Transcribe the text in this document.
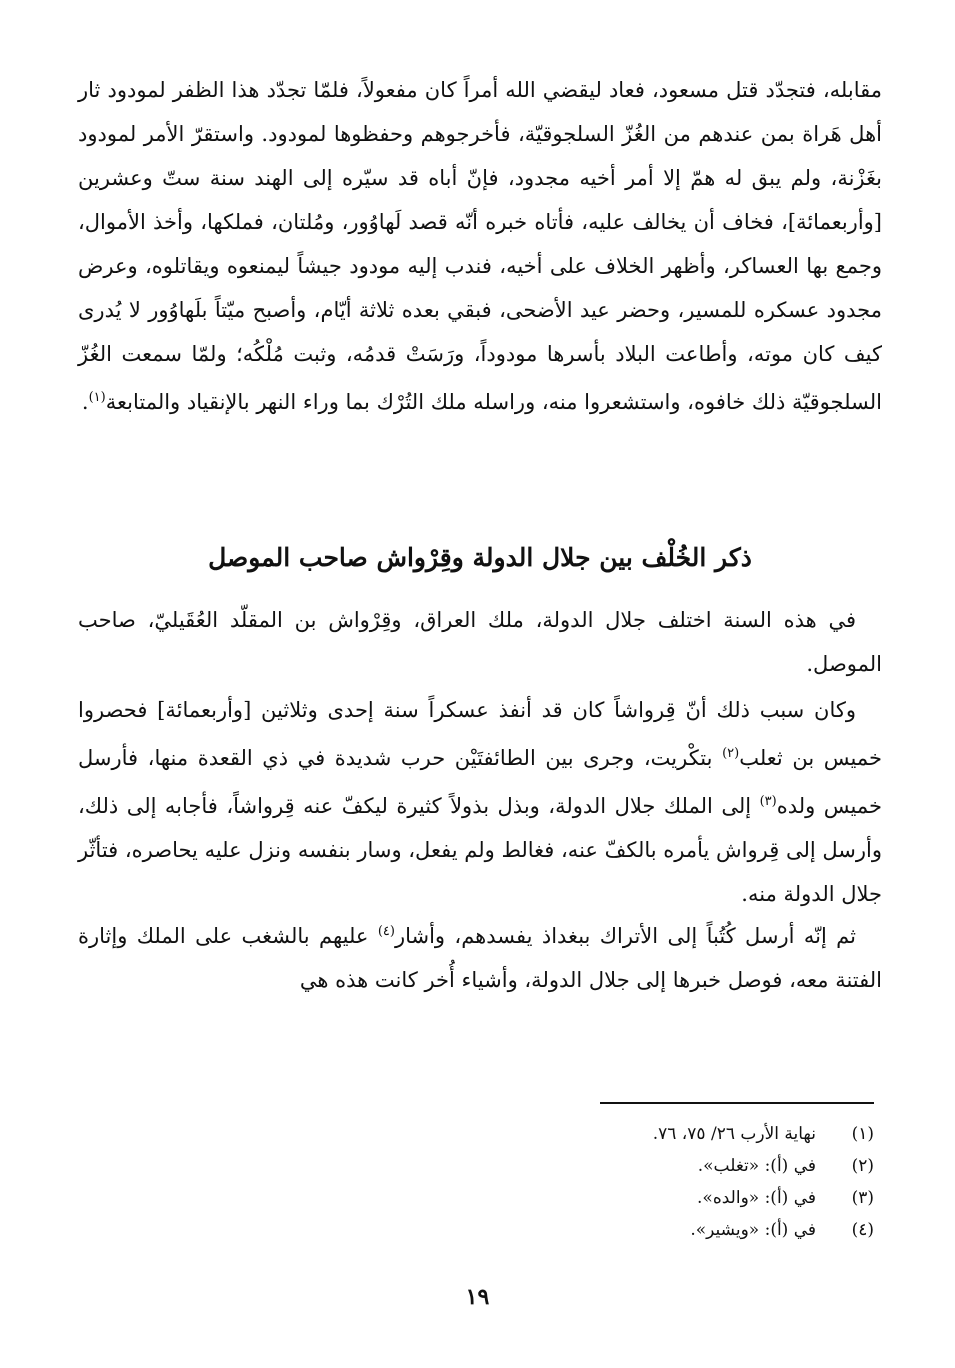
مقابله، فتجدّد قتل مسعود، فعاد ليقضي الله أمراً كان مفعولاً، فلمّا تجدّد هذا الظفر لمودود ثار أهل هَراة بمن عندهم من الغُزّ السلجوقيّة، فأخرجوهم وحفظوها لمودود. واستقرّ الأمر لمودود بغَزْنة، ولم يبق له همّ إلا أمر أخيه مجدود، فإنّ أباه قد سيّره إلى الهند سنة ستّ وعشرين [وأربعمائة]، فخاف أن يخالف عليه، فأتاه خبره أنّه قصد لَهاوُور، ومُلتان، فملكها، وأخذ الأموال، وجمع بها العساكر، وأظهر الخلاف على أخيه، فندب إليه مودود جيشاً ليمنعوه ويقاتلوه، وعرض مجدود عسكره للمسير، وحضر عيد الأضحى، فبقي بعده ثلاثة أيّام، وأصبح ميّتاً بلَهاوُور لا يُدرى كيف كان موته، وأطاعت البلاد بأسرها مودوداً، ورَسَتْ قدمُه، وثبت مُلْكُه؛ ولمّا سمعت الغُزّ السلجوقيّة ذلك خافوه، واستشعروا منه، وراسله ملك التُرْك بما وراء النهر بالإنقياد والمتابعة$^{(١)}$.
ذكر الخُلْف بين جلال الدولة وقِرْواش صاحب الموصل
في هذه السنة اختلف جلال الدولة، ملك العراق، وقِرْواش بن المقلّد العُقَيليّ، صاحب الموصل.
وكان سبب ذلك أنّ قِرواشاً كان قد أنفذ عسكراً سنة إحدى وثلاثين [وأربعمائة] فحصروا خميس بن ثعلب$^{(٢)}$ بتكْريت، وجرى بين الطائفتَيْن حرب شديدة في ذي القعدة منها، فأرسل خميس ولده$^{(٣)}$ إلى الملك جلال الدولة، وبذل بذولاً كثيرة ليكفّ عنه قِرواشاً، فأجابه إلى ذلك، وأرسل إلى قِرواش يأمره بالكفّ عنه، فغالط ولم يفعل، وسار بنفسه ونزل عليه يحاصره، فتأثّر جلال الدولة منه.
ثم إنّه أرسل كُتُباً إلى الأتراك ببغداذ يفسدهم، وأشار$^{(٤)}$ عليهم بالشغب على الملك وإثارة الفتنة معه، فوصل خبرها إلى جلال الدولة، وأشياء أُخر كانت هذه هي
(١)
نهاية الأرب ٢٦/ ٧٥، ٧٦.
(٢)
في (أ): «تغلب».
(٣)
في (أ): «والده».
(٤)
في (أ): «ويشير».
١٩
